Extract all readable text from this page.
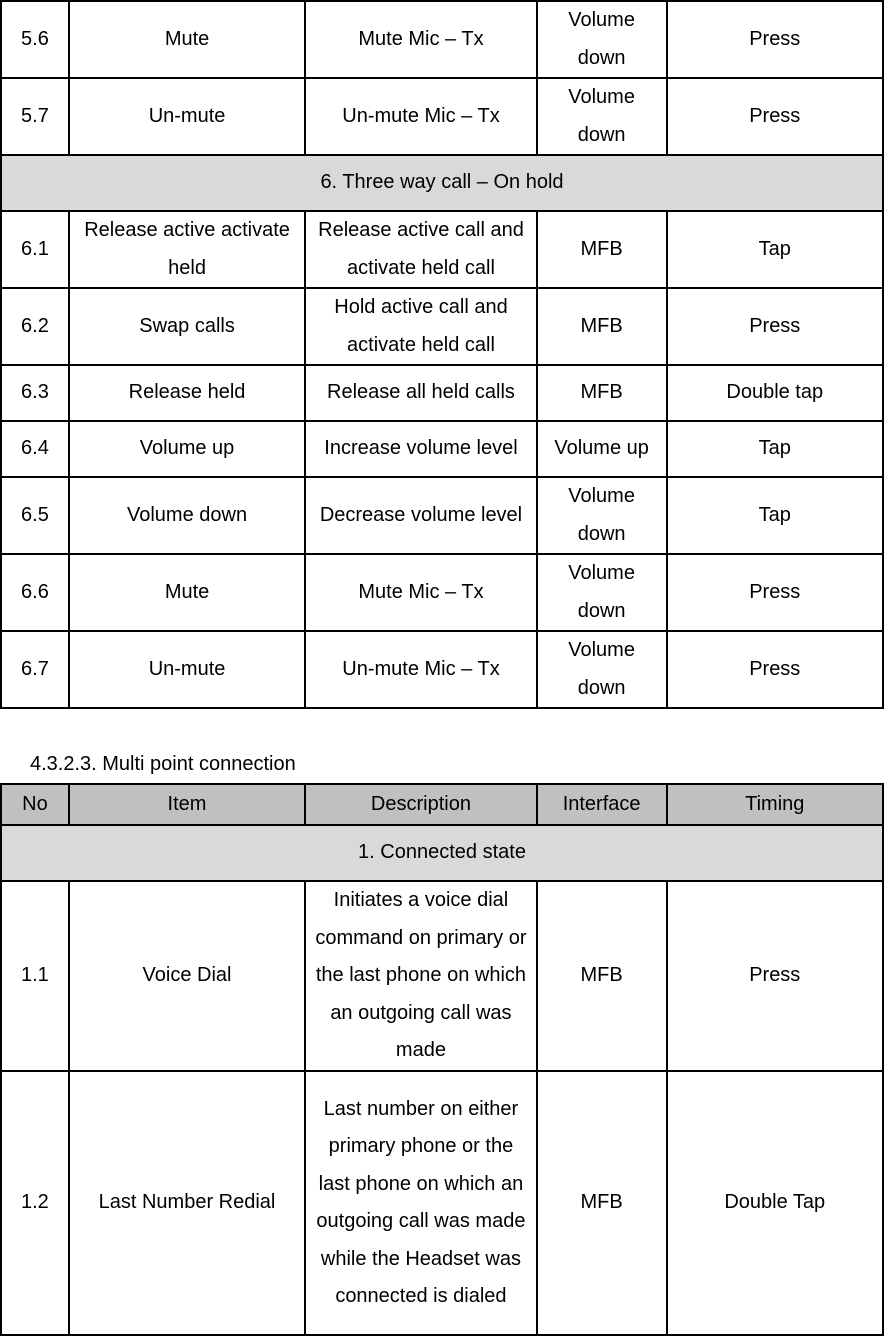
5.6	Mute	Mute Mic – Tx	Volume down	Press
5.7	Un-mute	Un-mute Mic – Tx	Volume down	Press
6. Three way call – On hold				
6.1	Release active activate held	Release active call and activate held call	MFB	Tap
6.2	Swap calls	Hold active call and activate held call	MFB	Press
6.3	Release held	Release all held calls	MFB	Double tap
6.4	Volume up	Increase volume level	Volume up	Tap
6.5	Volume down	Decrease volume level	Volume down	Tap
6.6	Mute	Mute Mic – Tx	Volume down	Press
6.7	Un-mute	Un-mute Mic – Tx	Volume down	Press
4.3.2.3. Multi point connection
No	Item	Description	Interface	Timing
1. Connected state				
1.1	Voice Dial	Initiates a voice dial command on primary or the last phone on which an outgoing call was made	MFB	Press
1.2	Last Number Redial	Last number on either primary phone or the last phone on which an outgoing call was made while the Headset was connected is dialed	MFB	Double Tap
